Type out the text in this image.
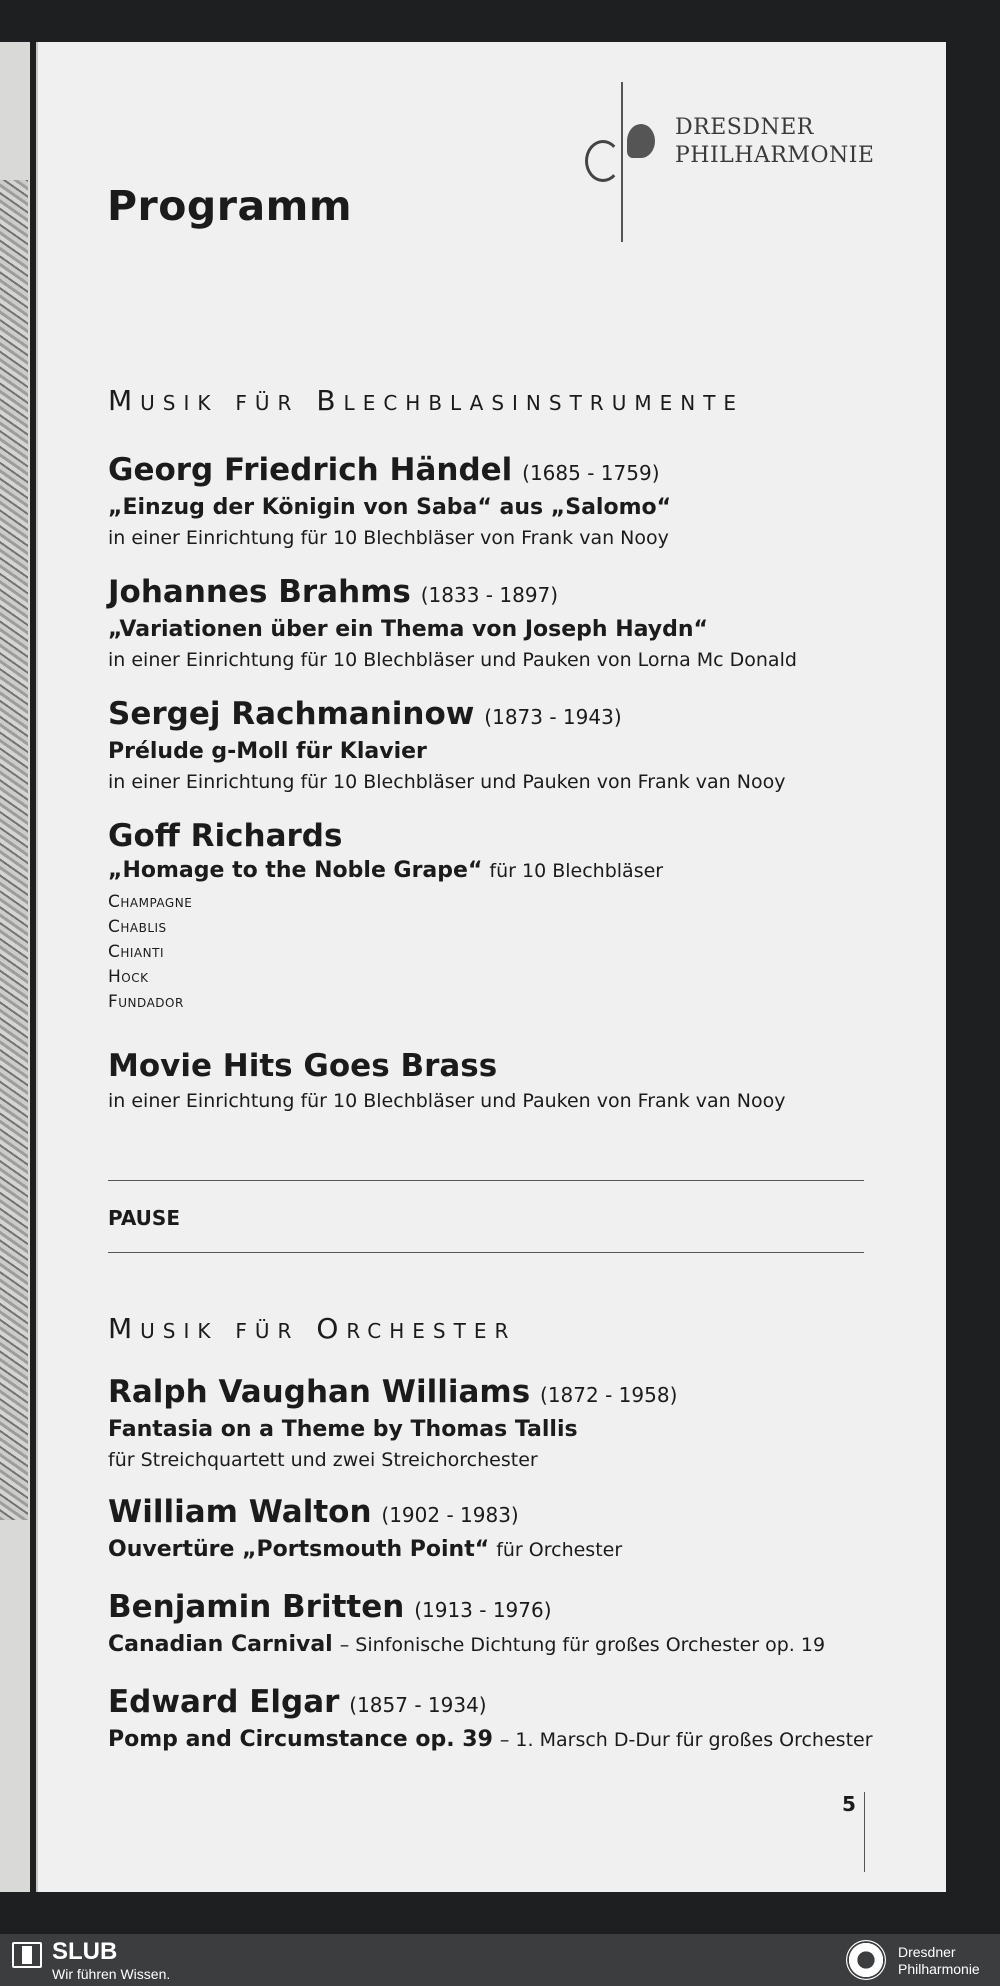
Programm
DRESDNER
PHILHARMONIE
Musik für Blechblasinstrumente
Georg Friedrich Händel (1685 - 1759)
„Einzug der Königin von Saba“ aus „Salomo“
in einer Einrichtung für 10 Blechbläser von Frank van Nooy
Johannes Brahms (1833 - 1897)
„Variationen über ein Thema von Joseph Haydn“
in einer Einrichtung für 10 Blechbläser und Pauken von Lorna Mc Donald
Sergej Rachmaninow (1873 - 1943)
Prélude g-Moll für Klavier
in einer Einrichtung für 10 Blechbläser und Pauken von Frank van Nooy
Goff Richards
„Homage to the Noble Grape“ für 10 Blechbläser
Champagne
Chablis
Chianti
Hock
Fundador
Movie Hits Goes Brass
in einer Einrichtung für 10 Blechbläser und Pauken von Frank van Nooy
PAUSE
Musik für Orchester
Ralph Vaughan Williams (1872 - 1958)
Fantasia on a Theme by Thomas Tallis
für Streichquartett und zwei Streichorchester
William Walton (1902 - 1983)
Ouvertüre „Portsmouth Point“ für Orchester
Benjamin Britten (1913 - 1976)
Canadian Carnival – Sinfonische Dichtung für großes Orchester op. 19
Edward Elgar (1857 - 1934)
Pomp and Circumstance op. 39 – 1. Marsch D-Dur für großes Orchester
5
SLUB
Wir führen Wissen.
Dresdner
Philharmonie
